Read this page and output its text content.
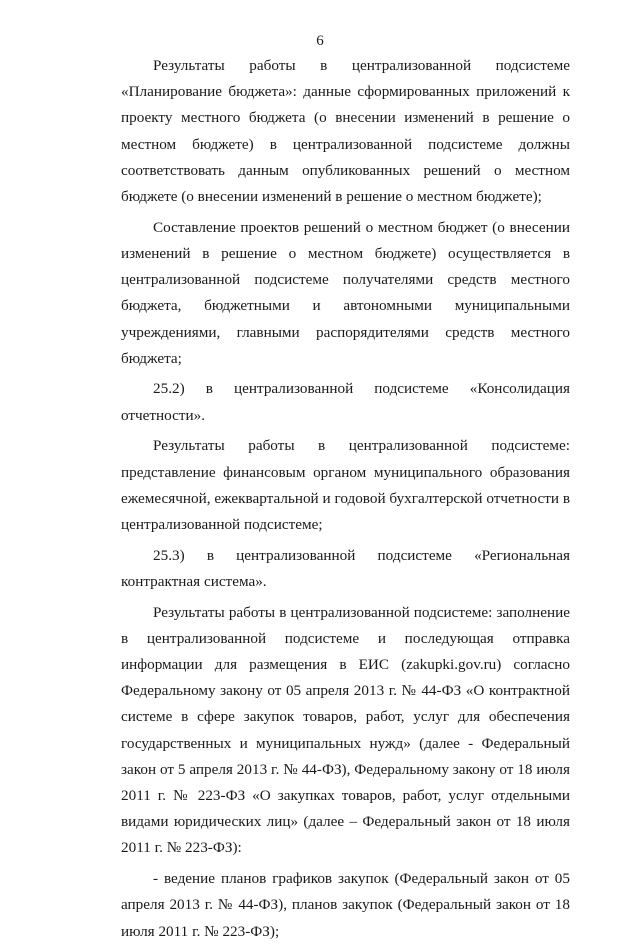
6

Результаты работы в централизованной подсистеме «Планирование бюджета»: данные сформированных приложений к проекту местного бюджета (о внесении изменений в решение о местном бюджете) в централизованной подсистеме должны соответствовать данным опубликованных решений о местном бюджете (о внесении изменений в решение о местном бюджете);

Составление проектов решений о местном бюджет (о внесении изменений в решение о местном бюджете) осуществляется в централизованной подсистеме получателями средств местного бюджета, бюджетными и автономными муниципальными учреждениями, главными распорядителями средств местного бюджета;

25.2) в централизованной подсистеме «Консолидация отчетности».

Результаты работы в централизованной подсистеме: представление финансовым органом муниципального образования ежемесячной, ежеквартальной и годовой бухгалтерской отчетности в централизованной подсистеме;

25.3) в централизованной подсистеме «Региональная контрактная система».

Результаты работы в централизованной подсистеме: заполнение в централизованной подсистеме и последующая отправка информации для размещения в ЕИС (zakupki.gov.ru) согласно Федеральному закону от 05 апреля 2013 г. № 44-ФЗ «О контрактной системе в сфере закупок товаров, работ, услуг для обеспечения государственных и муниципальных нужд» (далее - Федеральный закон от 5 апреля 2013 г. № 44-ФЗ), Федеральному закону от 18 июля 2011 г. № 223-ФЗ «О закупках товаров, работ, услуг отдельными видами юридических лиц» (далее – Федеральный закон от 18 июля 2011 г. № 223-ФЗ):

- ведение планов графиков закупок (Федеральный закон от 05 апреля 2013 г. № 44-ФЗ), планов закупок (Федеральный закон от 18 июля 2011 г. № 223-ФЗ);
